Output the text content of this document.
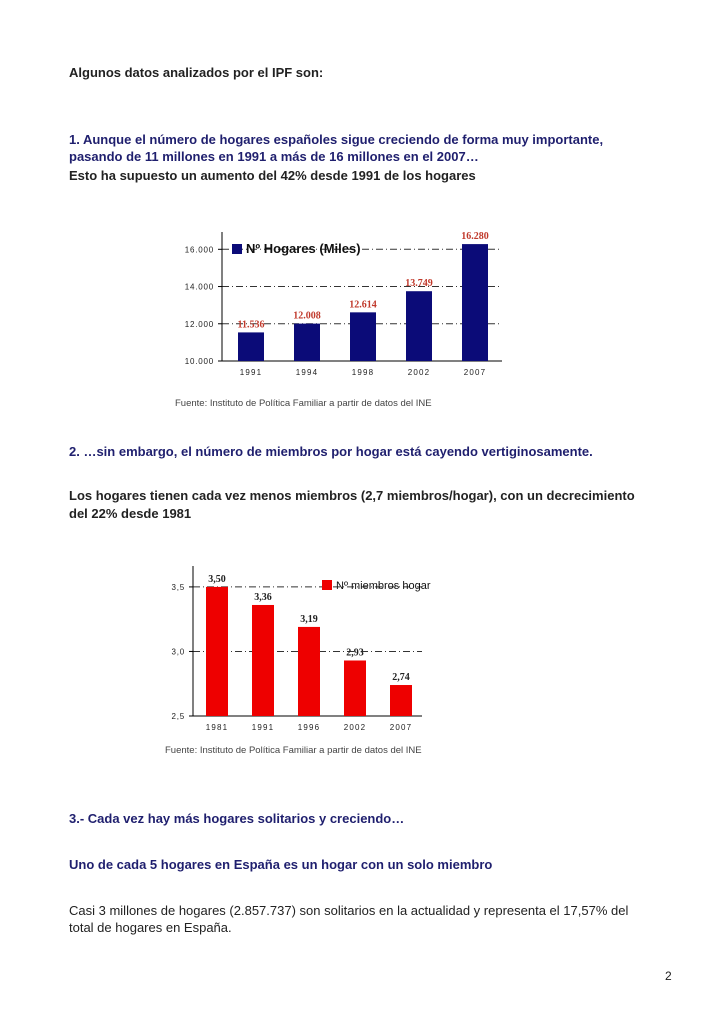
Algunos datos analizados por el IPF son:
1. Aunque el número de hogares españoles sigue creciendo de forma muy importante,
pasando de 11 millones en 1991 a más de 16 millones en el 2007…
Esto ha supuesto un aumento del 42% desde 1991 de los hogares
10.000
12.000
14.000
16.000
1991
11.536
1994
12.008
1998
12.614
2002
13.749
2007
16.280
Nº Hogares (Miles)
2,5
3,0
3,5
1981
3,50
1991
3,36
1996
3,19
2002
2,93
2007
2,74
Nº miembros hogar
Fuente: Instituto de Política Familiar a partir de datos del INE
2. …sin embargo, el número de miembros por hogar está cayendo vertiginosamente.
Los hogares tienen cada vez menos miembros (2,7 miembros/hogar), con un decrecimiento
del 22% desde 1981
Fuente: Instituto de Política Familiar a partir de datos del INE
3.- Cada vez hay más hogares solitarios y creciendo…
Uno de cada 5 hogares en España es un hogar con un solo miembro
Casi 3 millones de hogares (2.857.737) son solitarios en la actualidad y representa el 17,57% del
total de hogares en España.
2
